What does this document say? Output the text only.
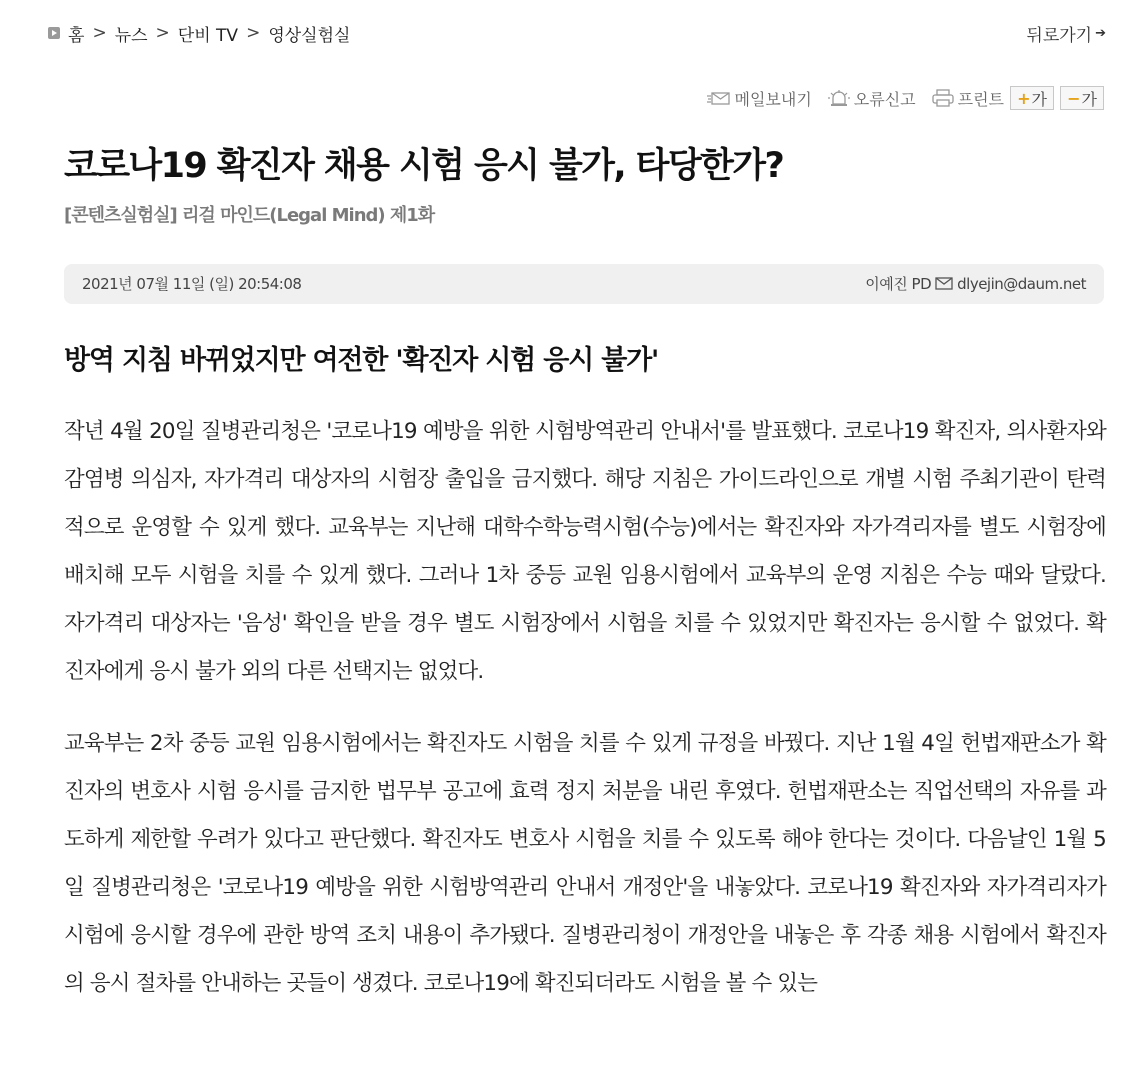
홈 > 뉴스 > 단비 TV > 영상실험실	뒤로가기 ➔
메일보내기	오류신고	프린트 + 가 − 가
코로나19 확진자 채용 시험 응시 불가, 타당한가?
[콘텐츠실험실] 리걸 마인드(Legal Mind) 제1화
2021년 07월 11일 (일) 20:54:08	이예진 PD dlyejin@daum.net
방역 지침 바뀌었지만 여전한 '확진자 시험 응시 불가'

작년 4월 20일 질병관리청은 '코로나19 예방을 위한 시험방역관리 안내서'를 발표했다. 코로나19 확진자, 의사환자와 감염병 의심자, 자가격리 대상자의 시험장 출입을 금지했다. 해당 지침은 가이드라인으로 개별 시험 주최기관이 탄력적으로 운영할 수 있게 했다. 교육부는 지난해 대학수학능력시험(수능)에서는 확진자와 자가격리자를 별도 시험장에 배치해 모두 시험을 치를 수 있게 했다. 그러나 1차 중등 교원 임용시험에서 교육부의 운영 지침은 수능 때와 달랐다. 자가격리 대상자는 '음성' 확인을 받을 경우 별도 시험장에서 시험을 치를 수 있었지만 확진자는 응시할 수 없었다. 확진자에게 응시 불가 외의 다른 선택지는 없었다.

교육부는 2차 중등 교원 임용시험에서는 확진자도 시험을 치를 수 있게 규정을 바꿨다. 지난 1월 4일 헌법재판소가 확진자의 변호사 시험 응시를 금지한 법무부 공고에 효력 정지 처분을 내린 후였다. 헌법재판소는 직업선택의 자유를 과도하게 제한할 우려가 있다고 판단했다. 확진자도 변호사 시험을 치를 수 있도록 해야 한다는 것이다. 다음날인 1월 5일 질병관리청은 '코로나19 예방을 위한 시험방역관리 안내서 개정안'을 내놓았다. 코로나19 확진자와 자가격리자가 시험에 응시할 경우에 관한 방역 조치 내용이 추가됐다. 질병관리청이 개정안을 내놓은 후 각종 채용 시험에서 확진자의 응시 절차를 안내하는 곳들이 생겼다. 코로나19에 확진되더라도 시험을 볼 수 있는
